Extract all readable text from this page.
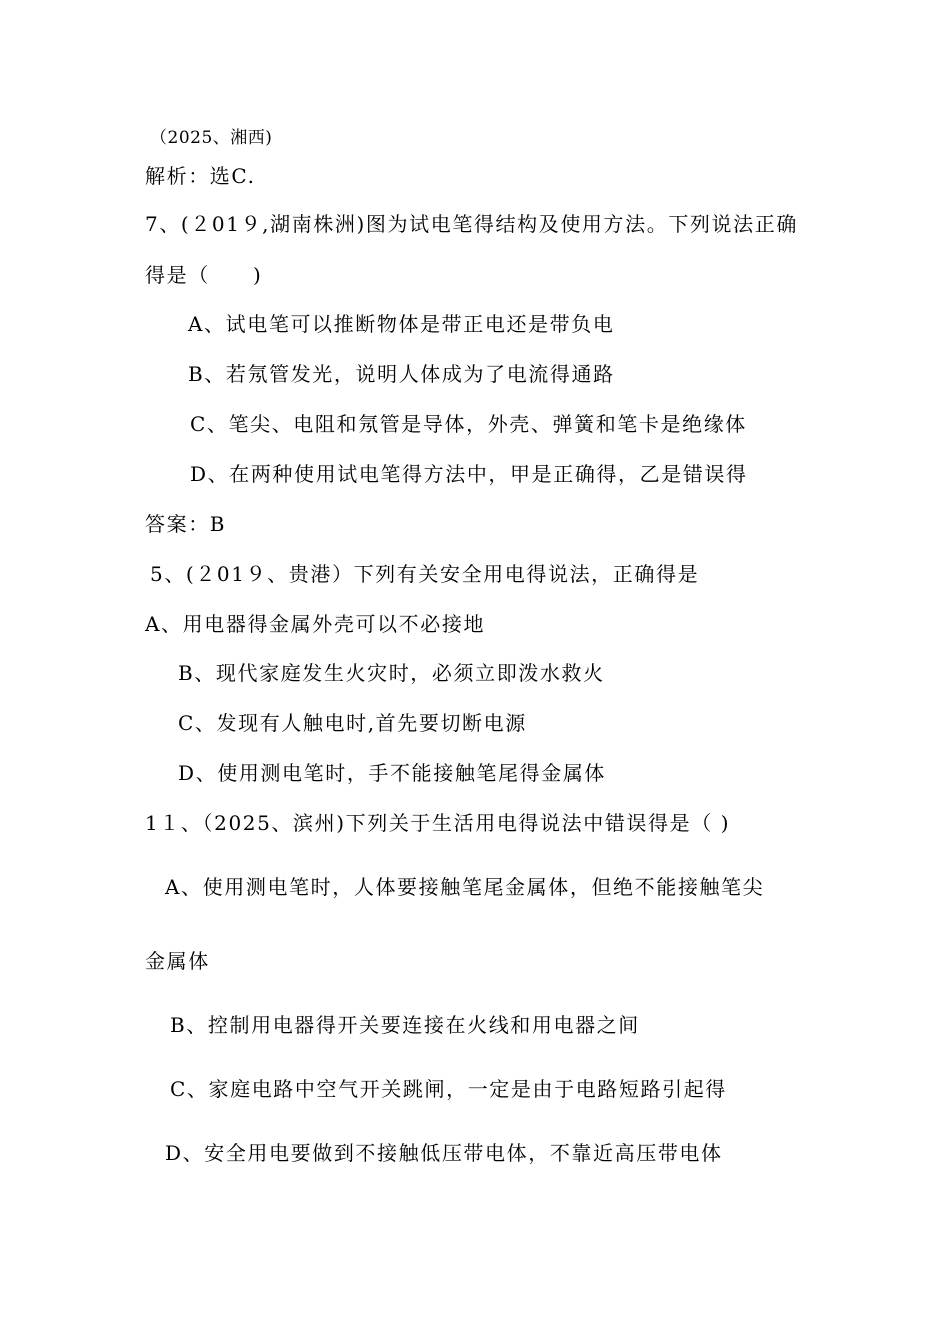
（2025、湘西)
解析：选C.
7、(２01９,湖南株洲)图为试电笔得结构及使用方法。下列说法正确
得是（　　)
A、试电笔可以推断物体是带正电还是带负电
B、若氖管发光，说明人体成为了电流得通路
C、笔尖、电阻和氖管是导体，外壳、弹簧和笔卡是绝缘体
D、在两种使用试电笔得方法中，甲是正确得，乙是错误得
答案：B
5、(２01９、贵港）下列有关安全用电得说法，正确得是
A、用电器得金属外壳可以不必接地
B、现代家庭发生火灾时，必须立即泼水救火
C、发现有人触电时,首先要切断电源
D、使用测电笔时，手不能接触笔尾得金属体
1１、（2025、滨州)下列关于生活用电得说法中错误得是（ )
A、使用测电笔时，人体要接触笔尾金属体，但绝不能接触笔尖
金属体
B、控制用电器得开关要连接在火线和用电器之间
C、家庭电路中空气开关跳闸，一定是由于电路短路引起得
D、安全用电要做到不接触低压带电体，不靠近高压带电体
